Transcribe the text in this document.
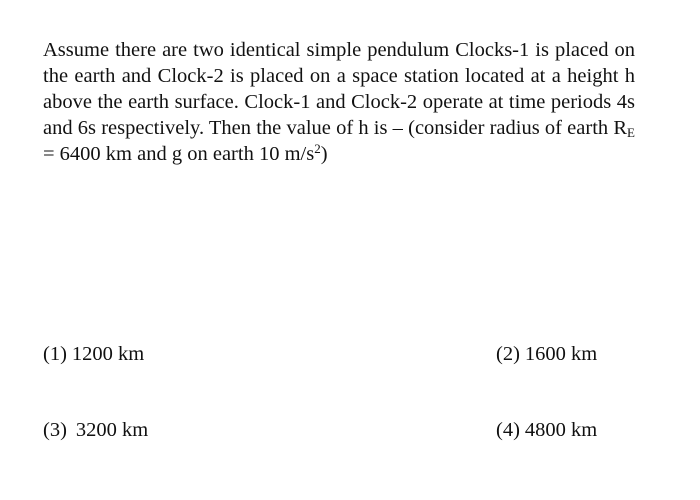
Assume there are two identical simple pendulum Clocks-1 is placed on the earth and Clock-2 is placed on a space station located at a height h above the earth surface. Clock-1 and Clock-2 operate at time periods 4s and 6s respectively. Then the value of h is – (consider radius of earth $R_E = 6400$ km and g on earth 10 $m/s^2$)

(1) 1200 km	(2) 1600 km
(3) 3200 km	(4) 4800 km
